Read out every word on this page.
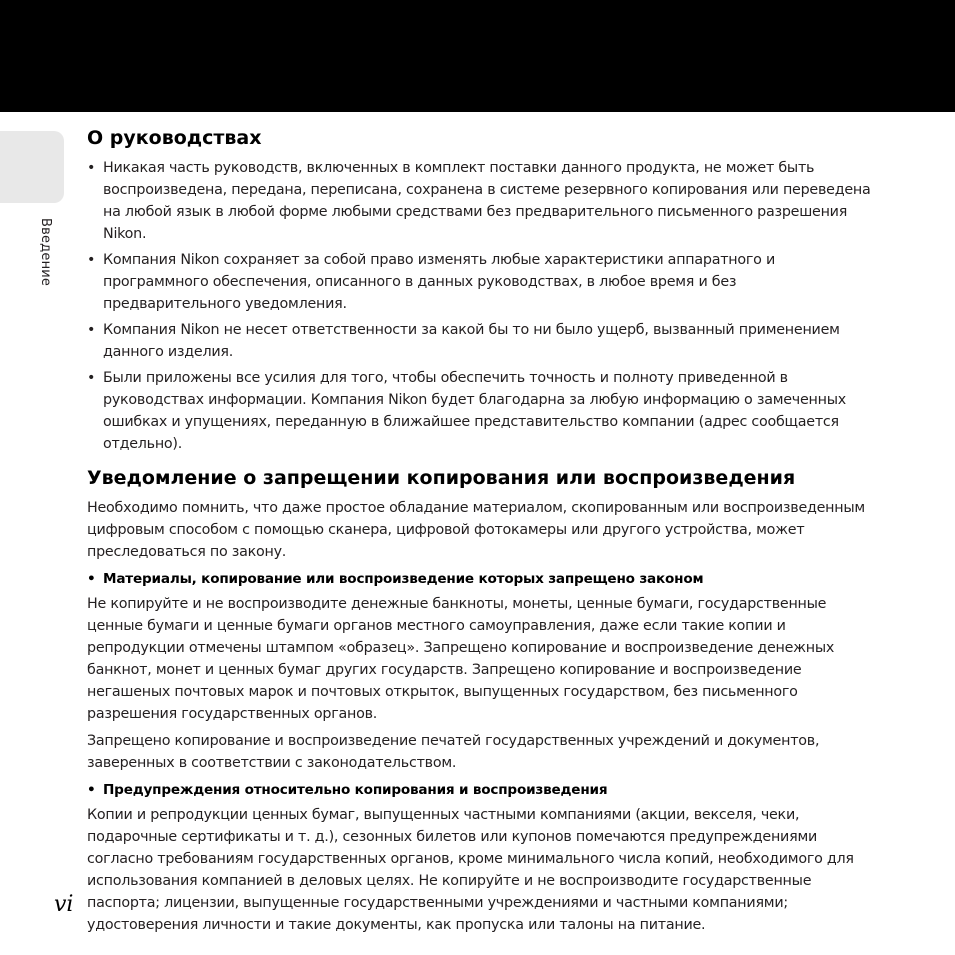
Введение
О руководствах
• Никакая часть руководств, включенных в комплект поставки данного продукта, не может быть воспроизведена, передана, переписана, сохранена в системе резервного копирования или переведена на любой язык в любой форме любыми средствами без предварительного письменного разрешения Nikon.
• Компания Nikon сохраняет за собой право изменять любые характеристики аппаратного и программного обеспечения, описанного в данных руководствах, в любое время и без предварительного уведомления.
• Компания Nikon не несет ответственности за какой бы то ни было ущерб, вызванный применением данного изделия.
• Были приложены все усилия для того, чтобы обеспечить точность и полноту приведенной в руководствах информации. Компания Nikon будет благодарна за любую информацию о замеченных ошибках и упущениях, переданную в ближайшее представительство компании (адрес сообщается отдельно).
Уведомление о запрещении копирования или воспроизведения

Необходимо помнить, что даже простое обладание материалом, скопированным или воспроизведенным цифровым способом с помощью сканера, цифровой фотокамеры или другого устройства, может преследоваться по закону.

• Материалы, копирование или воспроизведение которых запрещено законом

Не копируйте и не воспроизводите денежные банкноты, монеты, ценные бумаги, государственные ценные бумаги и ценные бумаги органов местного самоуправления, даже если такие копии и репродукции отмечены штампом «образец». Запрещено копирование и воспроизведение денежных банкнот, монет и ценных бумаг других государств. Запрещено копирование и воспроизведение негашеных почтовых марок и почтовых открыток, выпущенных государством, без письменного разрешения государственных органов.

Запрещено копирование и воспроизведение печатей государственных учреждений и документов, заверенных в соответствии с законодательством.

• Предупреждения относительно копирования и воспроизведения

Копии и репродукции ценных бумаг, выпущенных частными компаниями (акции, векселя, чеки, подарочные сертификаты и т. д.), сезонных билетов или купонов помечаются предупреждениями согласно требованиям государственных органов, кроме минимального числа копий, необходимого для использования компанией в деловых целях. Не копируйте и не воспроизводите государственные паспорта; лицензии, выпущенные государственными учреждениями и частными компаниями; удостоверения личности и такие документы, как пропуска или талоны на питание.

vi
